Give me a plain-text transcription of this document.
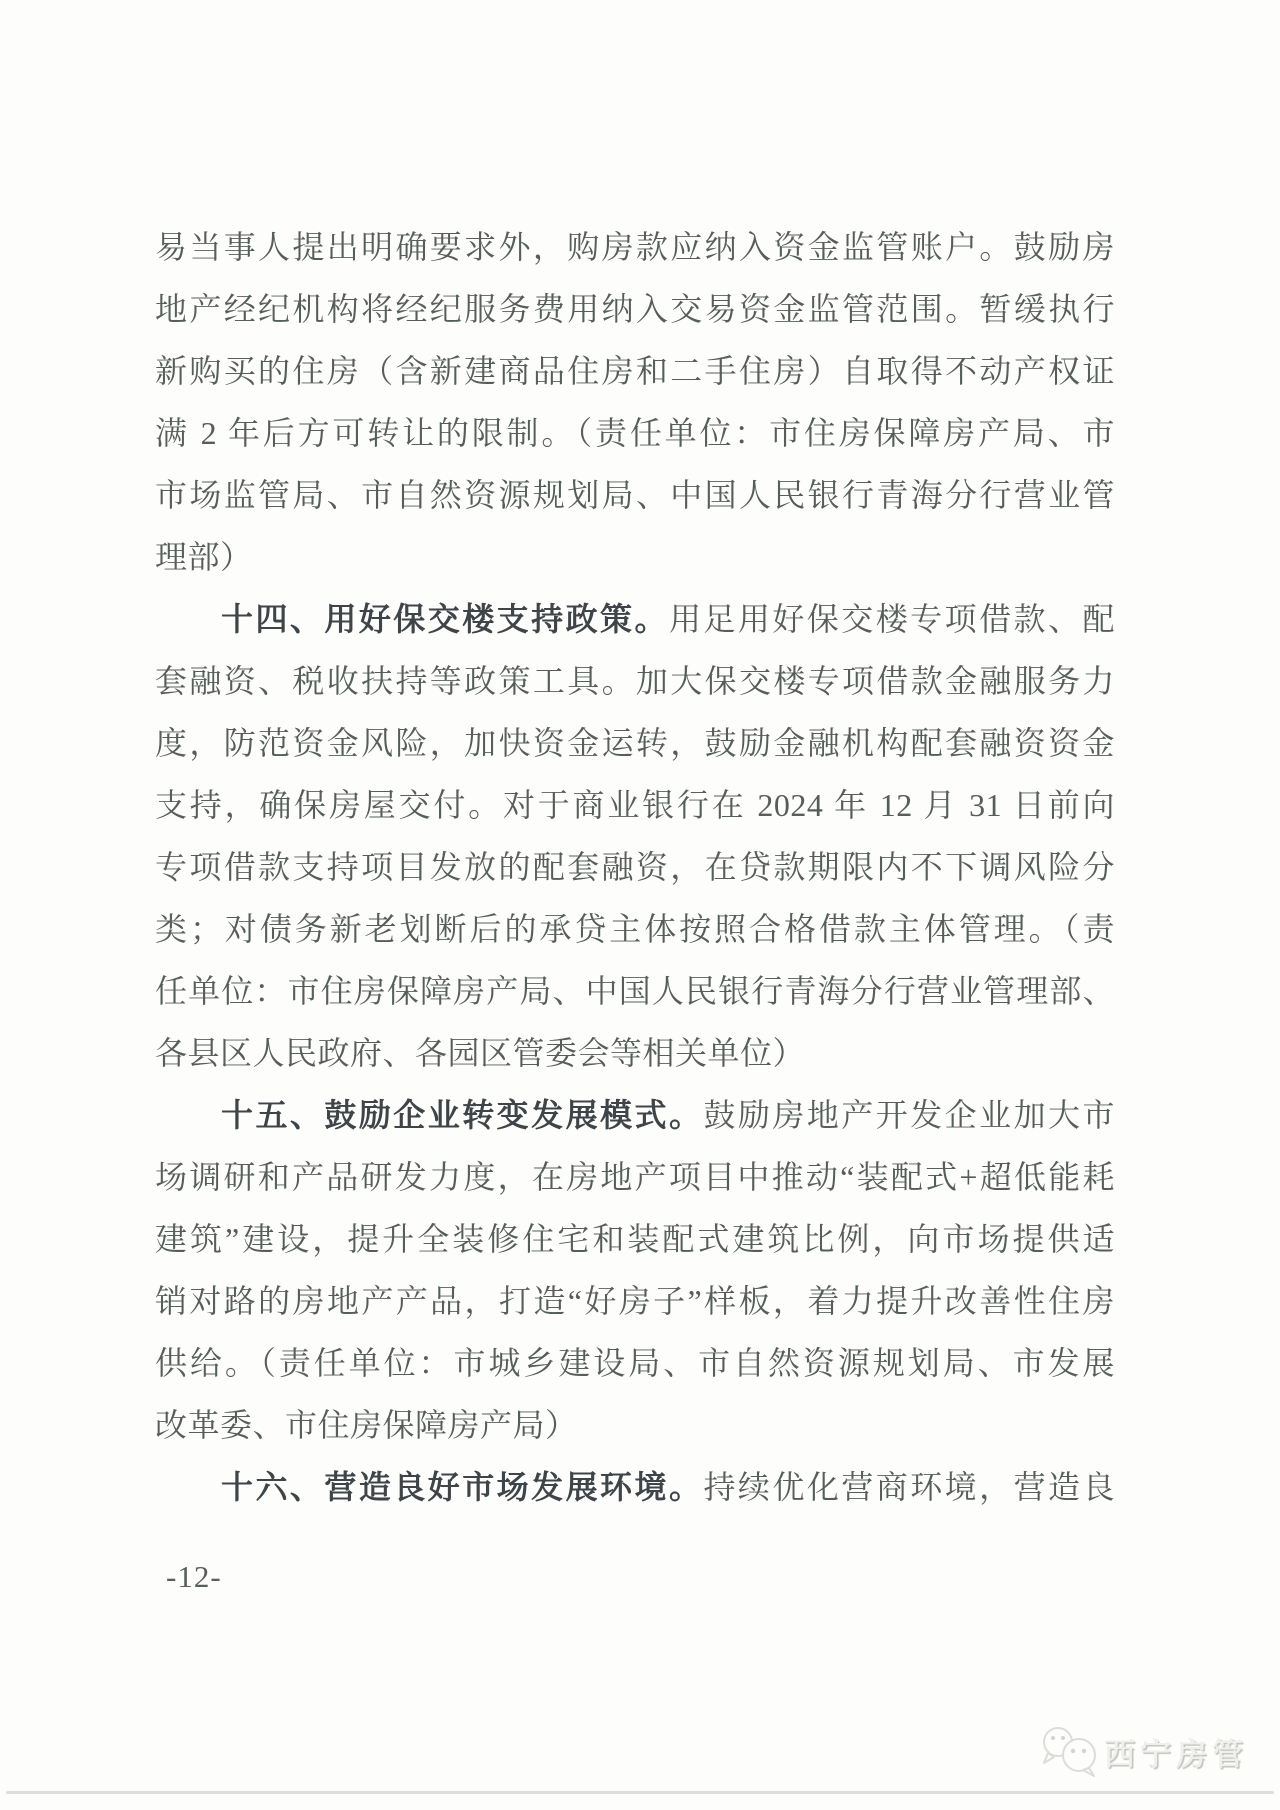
易当事人提出明确要求外，购房款应纳入资金监管账户。鼓励房
地产经纪机构将经纪服务费用纳入交易资金监管范围。暂缓执行
新购买的住房（含新建商品住房和二手住房）自取得不动产权证
满 2 年后方可转让的限制。（责任单位：市住房保障房产局、市
市场监管局、市自然资源规划局、中国人民银行青海分行营业管
理部）
十四、用好保交楼支持政策。用足用好保交楼专项借款、配
套融资、税收扶持等政策工具。加大保交楼专项借款金融服务力
度，防范资金风险，加快资金运转，鼓励金融机构配套融资资金
支持，确保房屋交付。对于商业银行在 2024 年 12 月 31 日前向
专项借款支持项目发放的配套融资，在贷款期限内不下调风险分
类；对债务新老划断后的承贷主体按照合格借款主体管理。（责
任单位：市住房保障房产局、中国人民银行青海分行营业管理部、
各县区人民政府、各园区管委会等相关单位）
十五、鼓励企业转变发展模式。鼓励房地产开发企业加大市
场调研和产品研发力度，在房地产项目中推动“装配式+超低能耗
建筑”建设，提升全装修住宅和装配式建筑比例，向市场提供适
销对路的房地产产品，打造“好房子”样板，着力提升改善性住房
供给。（责任单位：市城乡建设局、市自然资源规划局、市发展
改革委、市住房保障房产局）
十六、营造良好市场发展环境。持续优化营商环境，营造良
-12-
西宁房管
